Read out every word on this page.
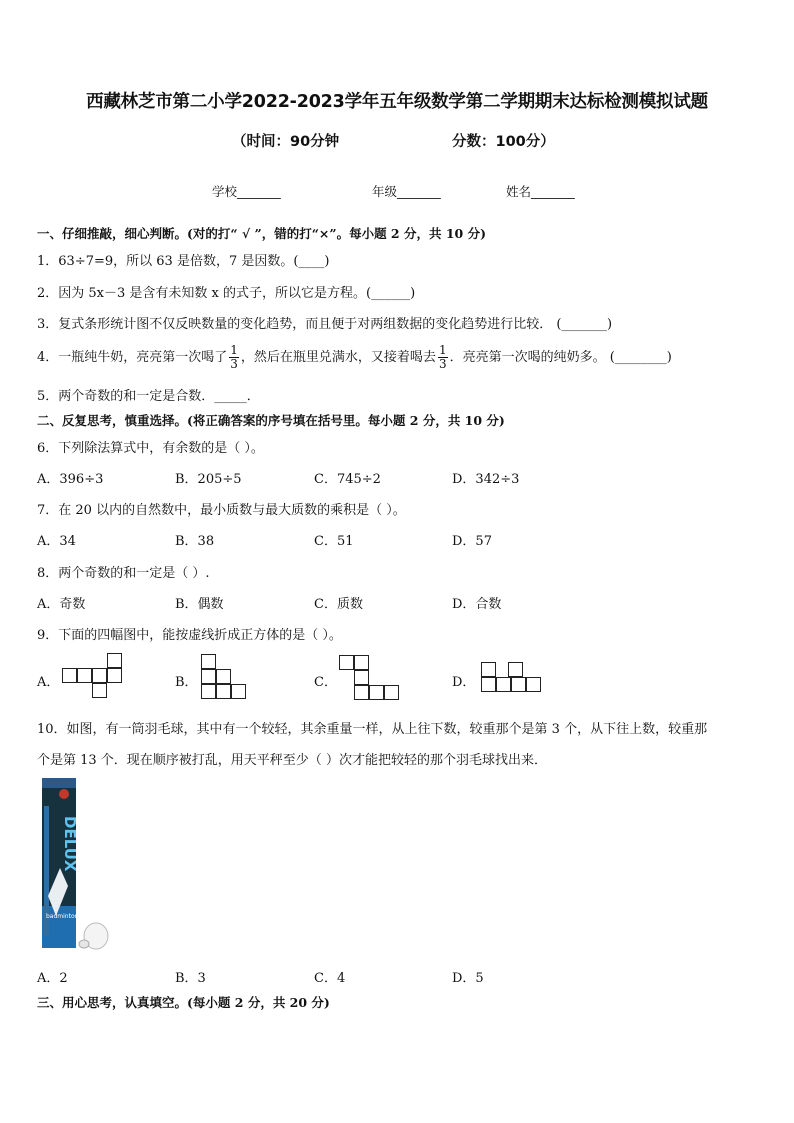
西藏林芝市第二小学2022-2023学年五年级数学第二学期期末达标检测模拟试题
（时间：90分钟	分数：100分）
学校_______	年级_______	姓名_______
一、仔细推敲，细心判断。(对的打“ √ ”，错的打“×”。每小题 2 分，共 10 分)
1．63÷7=9，所以 63 是倍数，7 是因数。(____)
2．因为 5x－3 是含有未知数 x 的式子，所以它是方程。(______)
3．复式条形统计图不仅反映数量的变化趋势，而且便于对两组数据的变化趋势进行比较． (_______)
4．一瓶纯牛奶，亮亮第一次喝了 $\frac{1}{3}$ ，然后在瓶里兑满水，又接着喝去 $\frac{1}{3}$ ．亮亮第一次喝的纯奶多。 (________)
5．两个奇数的和一定是合数．_____．
二、反复思考，慎重选择。(将正确答案的序号填在括号里。每小题 2 分，共 10 分)
6．下列除法算式中，有余数的是（ ）。
A．396÷3	B．205÷5	C．745÷2	D．342÷3
7．在 20 以内的自然数中，最小质数与最大质数的乘积是（ ）。
A．34	B．38	C．51	D．57
8．两个奇数的和一定是（ ）.
A．奇数	B．偶数	C．质数	D．合数
9．下面的四幅图中，能按虚线折成正方体的是（ ）。
A．	B．	C．	D．
10．如图，有一筒羽毛球，其中有一个较轻，其余重量一样，从上往下数，较重那个是第 3 个，从下往上数，较重那
个是第 13 个．现在顺序被打乱，用天平秤至少（ ）次才能把较轻的那个羽毛球找出来．
DELUX
badminton
A．2	B．3	C．4	D．5
三、用心思考，认真填空。(每小题 2 分，共 20 分)
